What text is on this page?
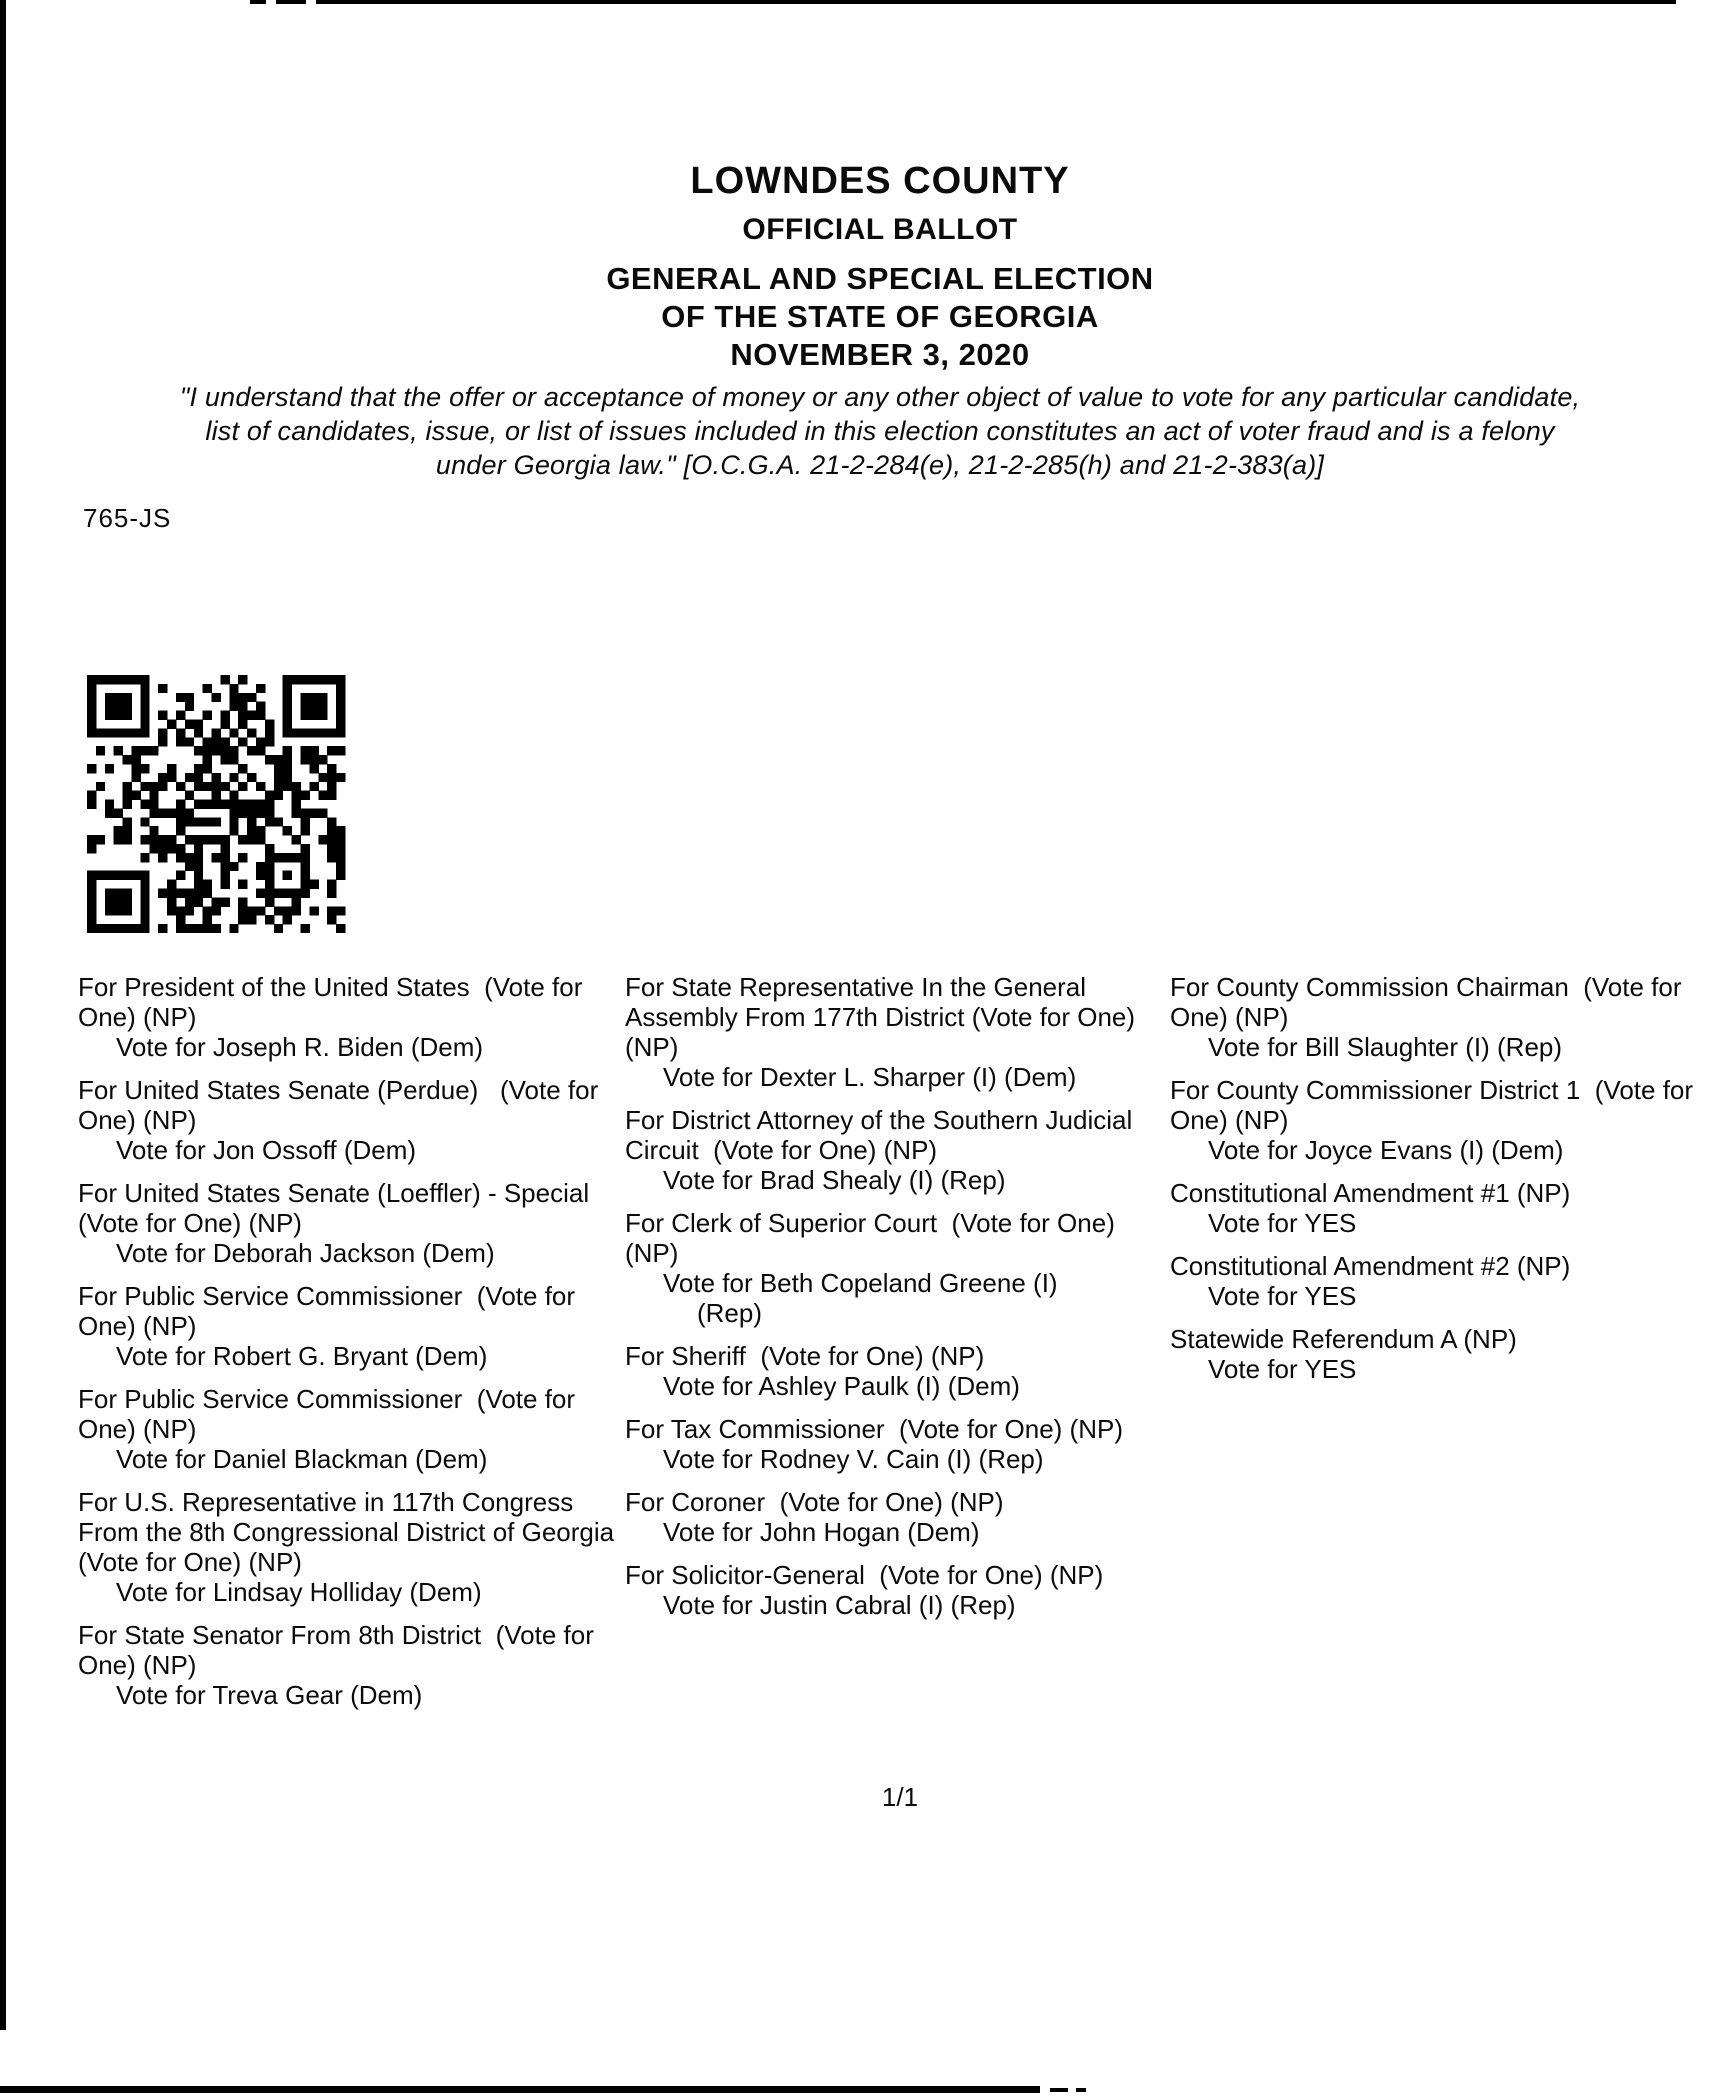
LOWNDES COUNTY
OFFICIAL BALLOT
GENERAL AND SPECIAL ELECTION
OF THE STATE OF GEORGIA
NOVEMBER 3, 2020
"I understand that the offer or acceptance of money or any other object of value to vote for any particular candidate,
list of candidates, issue, or list of issues included in this election constitutes an act of voter fraud and is a felony
under Georgia law." [O.C.G.A. 21-2-284(e), 21-2-285(h) and 21-2-383(a)]
765-JS
For President of the United States  (Vote for One) (NP)
Vote for Joseph R. Biden (Dem)
For United States Senate (Perdue)   (Vote for One) (NP)
Vote for Jon Ossoff (Dem)
For United States Senate (Loeffler) - Special  (Vote for One) (NP)
Vote for Deborah Jackson (Dem)
For Public Service Commissioner  (Vote for One) (NP)
Vote for Robert G. Bryant (Dem)
For Public Service Commissioner  (Vote for One) (NP)
Vote for Daniel Blackman (Dem)
For U.S. Representative in 117th Congress From the 8th Congressional District of Georgia (Vote for One) (NP)
Vote for Lindsay Holliday (Dem)
For State Senator From 8th District  (Vote for One) (NP)
Vote for Treva Gear (Dem)
For State Representative In the General Assembly From 177th District (Vote for One) (NP)
Vote for Dexter L. Sharper (I) (Dem)
For District Attorney of the Southern Judicial Circuit  (Vote for One) (NP)
Vote for Brad Shealy (I) (Rep)
For Clerk of Superior Court  (Vote for One) (NP)
Vote for Beth Copeland Greene (I) (Rep)
For Sheriff  (Vote for One) (NP)
Vote for Ashley Paulk (I) (Dem)
For Tax Commissioner  (Vote for One) (NP)
Vote for Rodney V. Cain (I) (Rep)
For Coroner  (Vote for One) (NP)
Vote for John Hogan (Dem)
For Solicitor-General  (Vote for One) (NP)
Vote for Justin Cabral (I) (Rep)
For County Commission Chairman  (Vote for One) (NP)
Vote for Bill Slaughter (I) (Rep)
For County Commissioner District 1  (Vote for One) (NP)
Vote for Joyce Evans (I) (Dem)
Constitutional Amendment #1 (NP)
Vote for YES
Constitutional Amendment #2 (NP)
Vote for YES
Statewide Referendum A (NP)
Vote for YES
1/1
